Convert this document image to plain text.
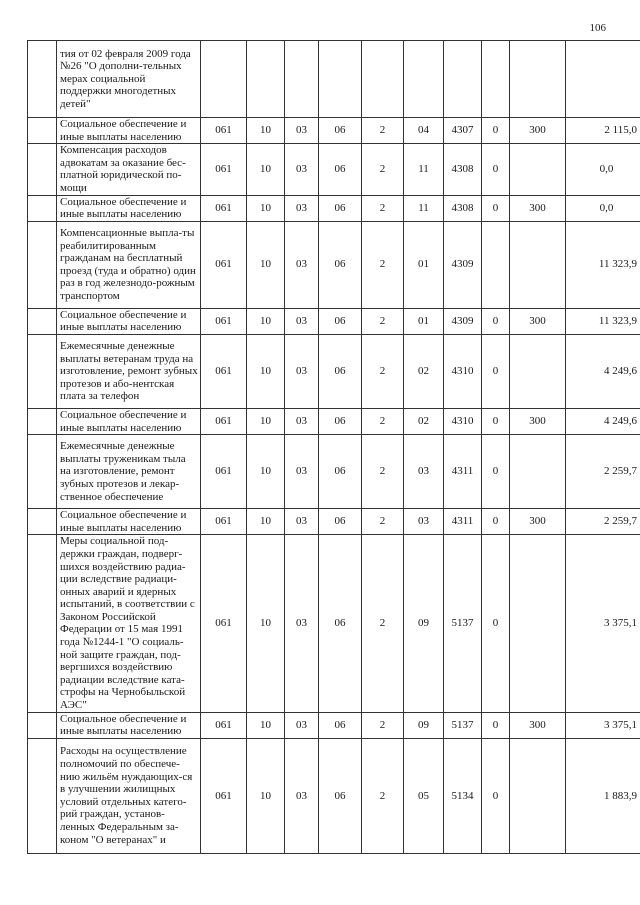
106
	тия от 02 февраля 2009 года №26 "О дополни-тельных мерах социальной поддержки многодетных детей"										
	Социальное обеспечение и иные выплаты населению	061	10	03	06	2	04	4307	0	300	2 115,0
	Компенсация расходов адвокатам за оказание бес-платной юридической по-мощи	061	10	03	06	2	11	4308	0		0,0
	Социальное обеспечение и иные выплаты населению	061	10	03	06	2	11	4308	0	300	0,0
	Компенсационные выпла-ты реабилитированным гражданам на бесплатный проезд (туда и обратно) один раз в год железнодо-рожным транспортом	061	10	03	06	2	01	4309			11 323,9
	Социальное обеспечение и иные выплаты населению	061	10	03	06	2	01	4309	0	300	11 323,9
	Ежемесячные денежные выплаты ветеранам труда на изготовление, ремонт зубных протезов и або-нентская плата за телефон	061	10	03	06	2	02	4310	0		4 249,6
	Социальное обеспечение и иные выплаты населению	061	10	03	06	2	02	4310	0	300	4 249,6
	Ежемесячные денежные выплаты труженикам тыла на изготовление, ремонт зубных протезов и лекар-ственное обеспечение	061	10	03	06	2	03	4311	0		2 259,7
	Социальное обеспечение и иные выплаты населению	061	10	03	06	2	03	4311	0	300	2 259,7
	Меры социальной под-держки граждан, подверг-шихся воздействию радиа-ции вследствие радиаци-онных аварий и ядерных испытаний, в соответствии с Законом Российской Федерации от 15 мая 1991 года №1244-1 "О социаль-ной защите граждан, под-вергшихся воздействию радиации вследствие ката-строфы на Чернобыльской АЭС"	061	10	03	06	2	09	5137	0		3 375,1
	Социальное обеспечение и иные выплаты населению	061	10	03	06	2	09	5137	0	300	3 375,1
	Расходы на осуществление полномочий по обеспече-нию жильём нуждающих-ся в улучшении жилищных условий отдельных катего-рий граждан, установ-ленных Федеральным за-коном "О ветеранах" и	061	10	03	06	2	05	5134	0		1 883,9
